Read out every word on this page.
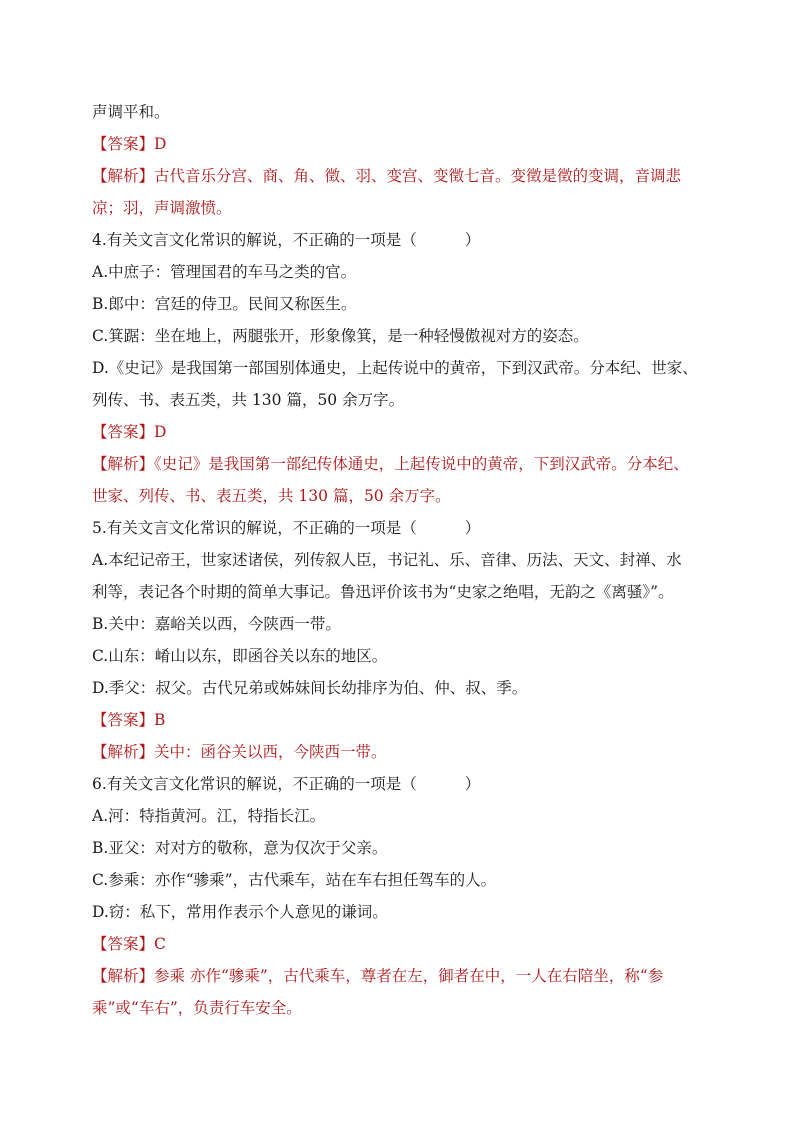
声调平和。
【答案】D
【解析】古代音乐分宫、商、角、徵、羽、变宫、变徵七音。变徵是徵的变调，音调悲
凉；羽，声调激愤。
4.有关文言文化常识的解说，不正确的一项是（	）
A.中庶子：管理国君的车马之类的官。
B.郎中：宫廷的侍卫。民间又称医生。
C.箕踞：坐在地上，两腿张开，形象像箕，是一种轻慢傲视对方的姿态。
D.《史记》是我国第一部国别体通史，上起传说中的黄帝，下到汉武帝。分本纪、世家、
列传、书、表五类，共 130 篇，50 余万字。
【答案】D
【解析】《史记》是我国第一部纪传体通史，上起传说中的黄帝，下到汉武帝。分本纪、
世家、列传、书、表五类，共 130 篇，50 余万字。
5.有关文言文化常识的解说，不正确的一项是（	）
A.本纪记帝王，世家述诸侯，列传叙人臣，书记礼、乐、音律、历法、天文、封禅、水
利等，表记各个时期的简单大事记。鲁迅评价该书为“史家之绝唱，无韵之《离骚》”。
B.关中：嘉峪关以西，今陕西一带。
C.山东：崤山以东，即函谷关以东的地区。
D.季父：叔父。古代兄弟或姊妹间长幼排序为伯、仲、叔、季。
【答案】B
【解析】关中：函谷关以西，今陕西一带。
6.有关文言文化常识的解说，不正确的一项是（	）
A.河：特指黄河。江，特指长江。
B.亚父：对对方的敬称，意为仅次于父亲。
C.参乘：亦作“骖乘”，古代乘车，站在车右担任驾车的人。
D.窃：私下，常用作表示个人意见的谦词。
【答案】C
【解析】参乘 亦作“骖乘”，古代乘车，尊者在左，御者在中，一人在右陪坐，称“参
乘”或“车右”，负责行车安全。
